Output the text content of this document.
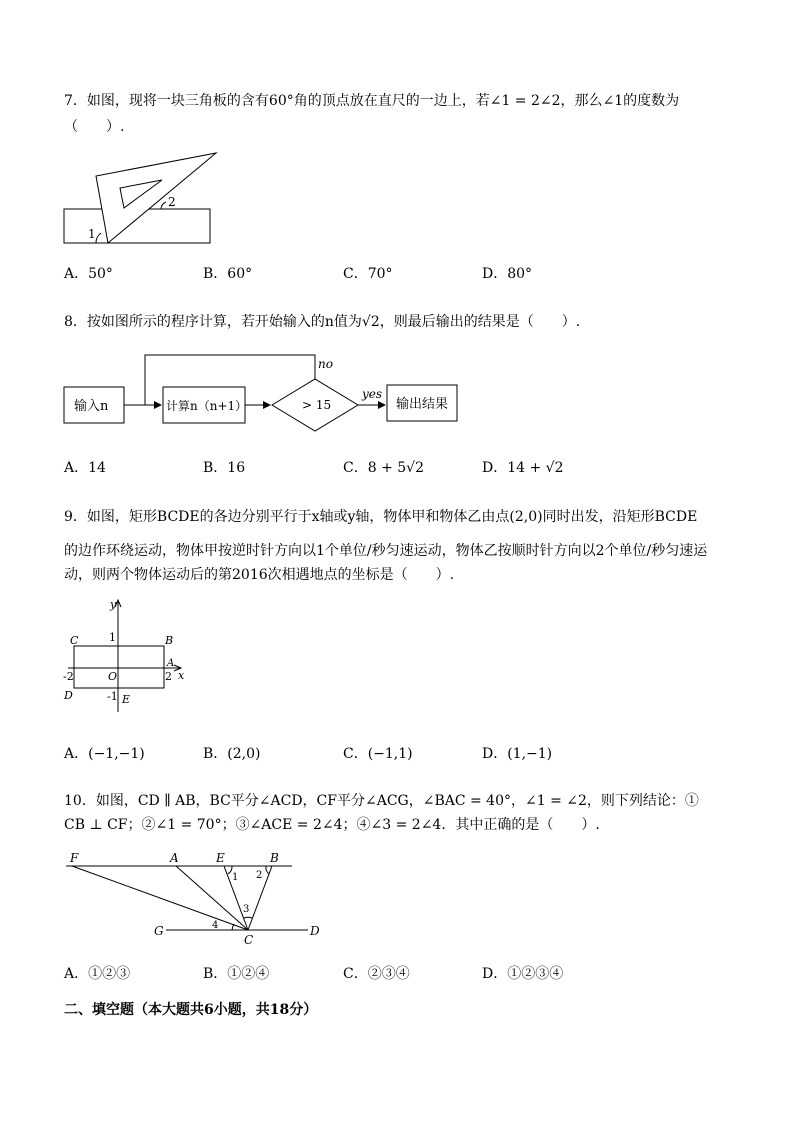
7．如图，现将一块三角板的含有60°角的顶点放在直尺的一边上，若∠1 = 2∠2，那么∠1的度数为
（　　）.
1
2
A．50°	B．60°	C．70°	D．80°
8．按如图所示的程序计算，若开始输入的n值为√2，则最后输出的结果是（　　）.
输入n	计算n（n+1）	> 15
yes
输出结果
no
A．14	B．16	C．8 + 5√2	D．14 + √2
9．如图，矩形BCDE的各边分别平行于x轴或y轴，物体甲和物体乙由点(2,0)同时出发，沿矩形BCDE
的边作环绕运动，物体甲按逆时针方向以1个单位/秒匀速运动，物体乙按顺时针方向以2个单位/秒匀速运
动，则两个物体运动后的第2016次相遇地点的坐标是（　　）.
y
x
C	B
D	E
A
O
1
-1
2
-2
A．(−1,−1)	B．(2,0)	C．(−1,1)	D．(1,−1)
10．如图，CD ∥ AB，BC平分∠ACD，CF平分∠ACG，∠BAC = 40°，∠1 = ∠2，则下列结论：①
CB ⊥ CF；②∠1 = 70°；③∠ACE = 2∠4；④∠3 = 2∠4．其中正确的是（　　）.
F	A	E	B
G
C
D
1 2
3
4
A．①②③	B．①②④	C．②③④	D．①②③④
二、填空题（本大题共6小题，共18分）
